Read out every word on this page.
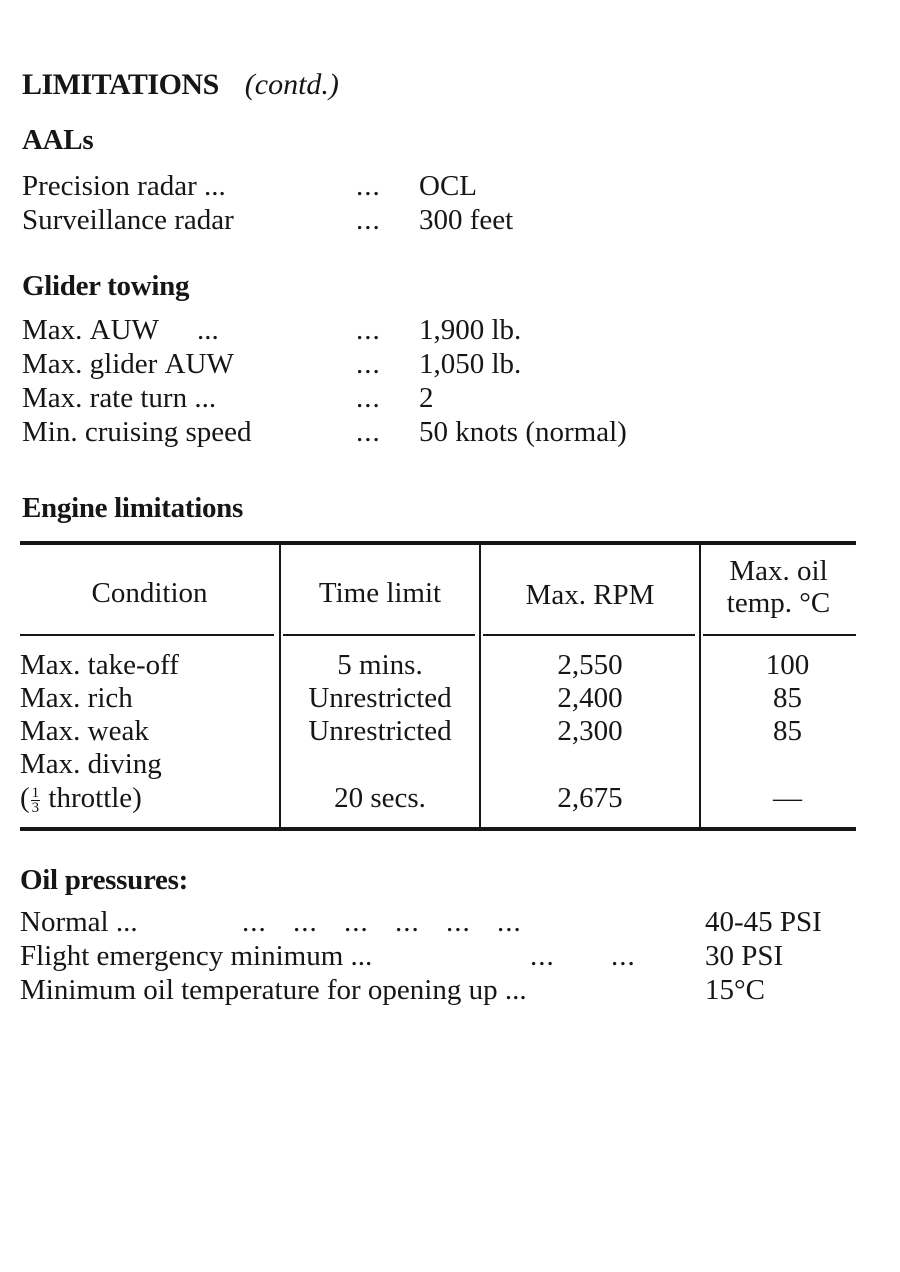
LIMITATIONS (contd.)
AALs
Precision radar ...	... OCL
Surveillance radar	... 300 feet
Glider towing
Max. AUW ...	... 1,900 lb.
Max. glider AUW	... 1,050 lb.
Max. rate turn ...	... 2
Min. cruising speed	... 50 knots (normal)
Engine limitations
Condition	Time limit	Max. RPM
Max. oil
temp. °C
Max. take-off	5 mins.	2,550	100
Max. rich	Unrestricted	2,400	85
Max. weak	Unrestricted	2,300	85
Max. diving
( $\frac{1}{3}$ throttle)	20 secs.	2,675	—
Oil pressures:
Normal ...	... ... ... ... ... ...	40-45 PSI
Flight emergency minimum ...	... ... 30 PSI
Minimum oil temperature for opening up ...	15°C
